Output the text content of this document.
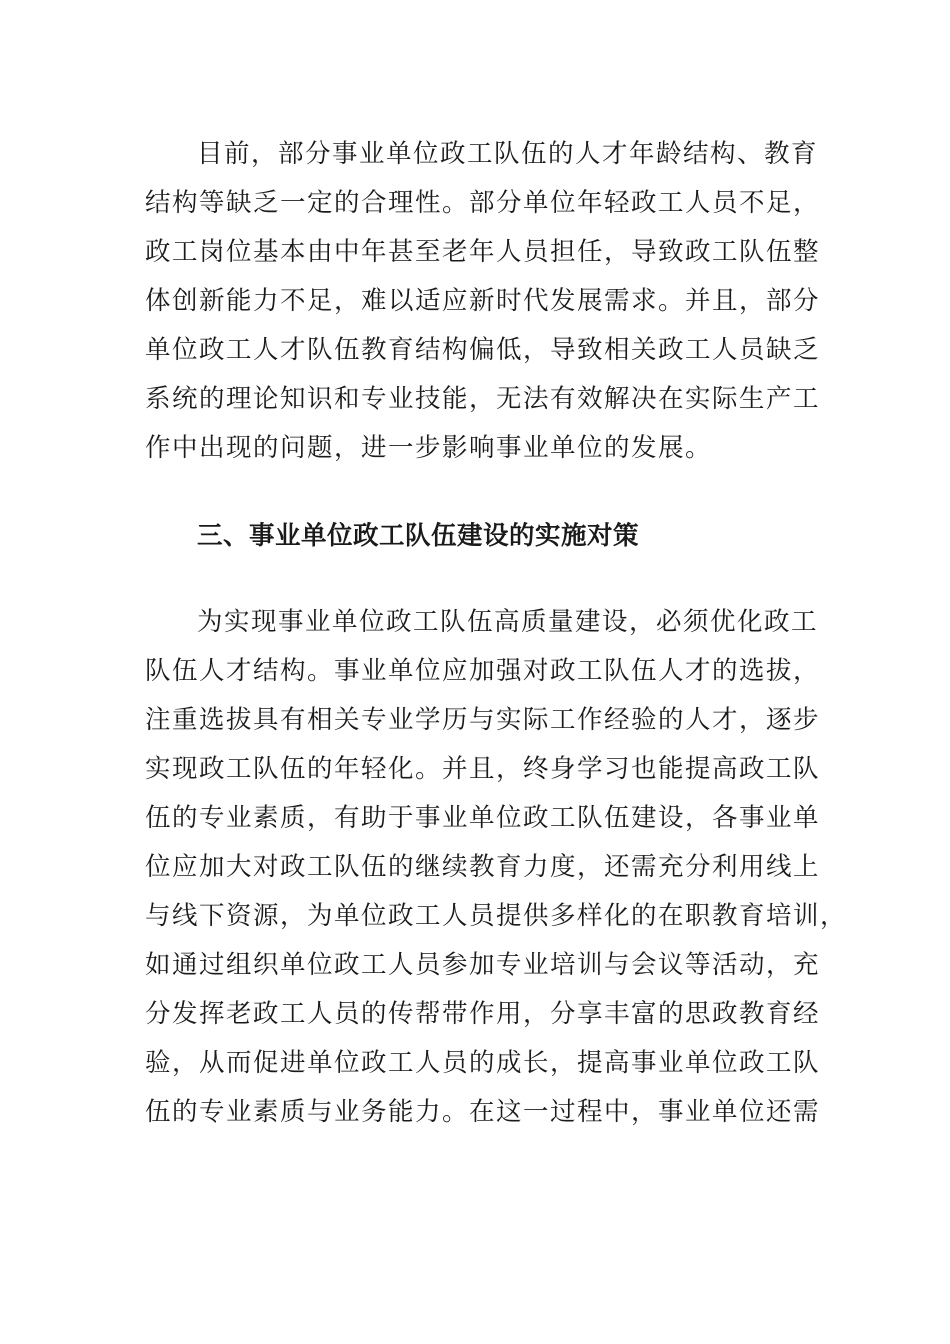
目前，部分事业单位政工队伍的人才年龄结构、教育
结构等缺乏一定的合理性。部分单位年轻政工人员不足，
政工岗位基本由中年甚至老年人员担任，导致政工队伍整
体创新能力不足，难以适应新时代发展需求。并且，部分
单位政工人才队伍教育结构偏低，导致相关政工人员缺乏
系统的理论知识和专业技能，无法有效解决在实际生产工
作中出现的问题，进一步影响事业单位的发展。
三、事业单位政工队伍建设的实施对策
为实现事业单位政工队伍高质量建设，必须优化政工
队伍人才结构。事业单位应加强对政工队伍人才的选拔，
注重选拔具有相关专业学历与实际工作经验的人才，逐步
实现政工队伍的年轻化。并且，终身学习也能提高政工队
伍的专业素质，有助于事业单位政工队伍建设，各事业单
位应加大对政工队伍的继续教育力度，还需充分利用线上
与线下资源，为单位政工人员提供多样化的在职教育培训，
如通过组织单位政工人员参加专业培训与会议等活动，充
分发挥老政工人员的传帮带作用，分享丰富的思政教育经
验，从而促进单位政工人员的成长，提高事业单位政工队
伍的专业素质与业务能力。在这一过程中，事业单位还需
